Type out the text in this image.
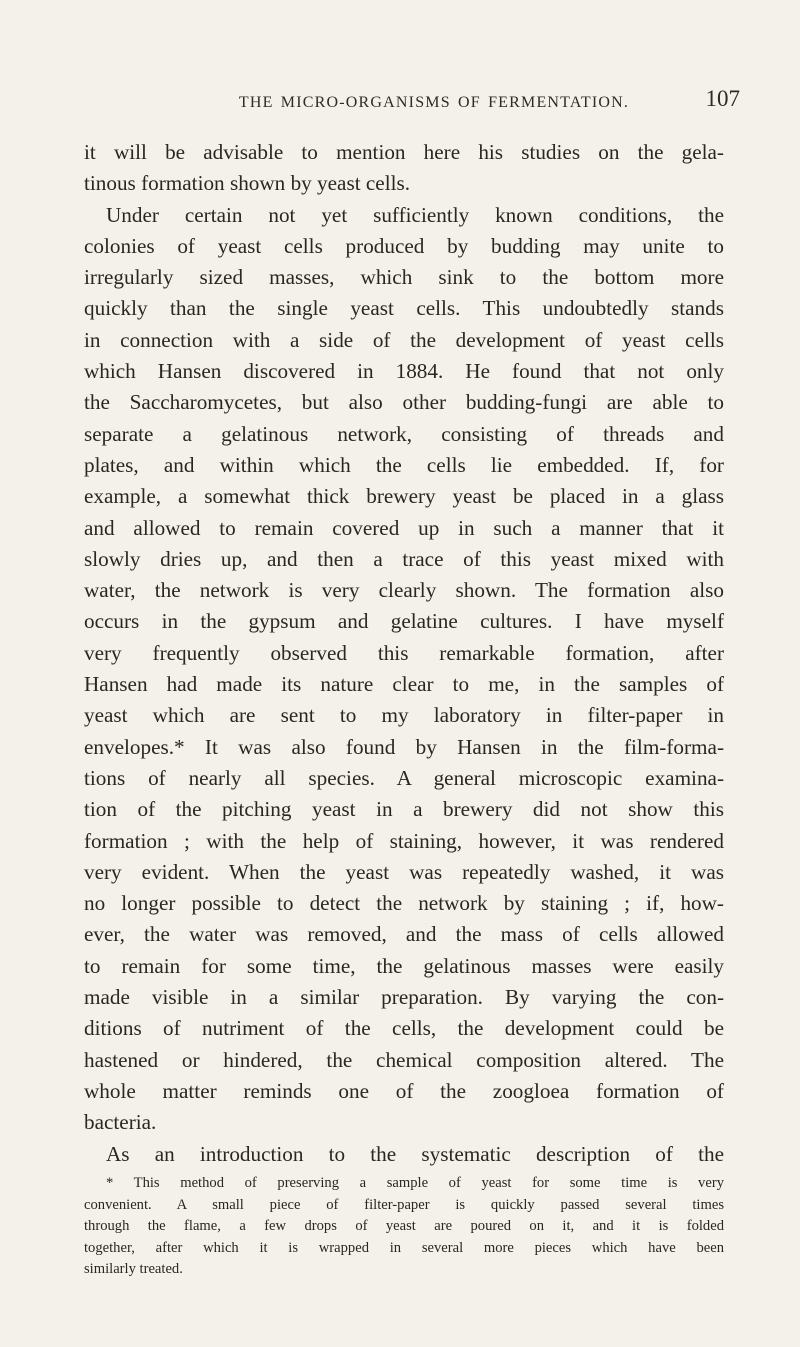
THE MICRO-ORGANISMS OF FERMENTATION.	107
it will be advisable to mention here his studies on the gela-
tinous formation shown by yeast cells.
Under certain not yet sufficiently known conditions, the
colonies of yeast cells produced by budding may unite to
irregularly sized masses, which sink to the bottom more
quickly than the single yeast cells. This undoubtedly stands
in connection with a side of the development of yeast cells
which Hansen discovered in 1884. He found that not only
the Saccharomycetes, but also other budding-fungi are able to
separate a gelatinous network, consisting of threads and
plates, and within which the cells lie embedded. If, for
example, a somewhat thick brewery yeast be placed in a glass
and allowed to remain covered up in such a manner that it
slowly dries up, and then a trace of this yeast mixed with
water, the network is very clearly shown. The formation also
occurs in the gypsum and gelatine cultures. I have myself
very frequently observed this remarkable formation, after
Hansen had made its nature clear to me, in the samples of
yeast which are sent to my laboratory in filter-paper in
envelopes.* It was also found by Hansen in the film-forma-
tions of nearly all species. A general microscopic examina-
tion of the pitching yeast in a brewery did not show this
formation ; with the help of staining, however, it was rendered
very evident. When the yeast was repeatedly washed, it was
no longer possible to detect the network by staining ; if, how-
ever, the water was removed, and the mass of cells allowed
to remain for some time, the gelatinous masses were easily
made visible in a similar preparation. By varying the con-
ditions of nutriment of the cells, the development could be
hastened or hindered, the chemical composition altered. The
whole matter reminds one of the zoogloea formation of
bacteria.
As an introduction to the systematic description of the
* This method of preserving a sample of yeast for some time is very
convenient. A small piece of filter-paper is quickly passed several times
through the flame, a few drops of yeast are poured on it, and it is folded
together, after which it is wrapped in several more pieces which have been
similarly treated.
